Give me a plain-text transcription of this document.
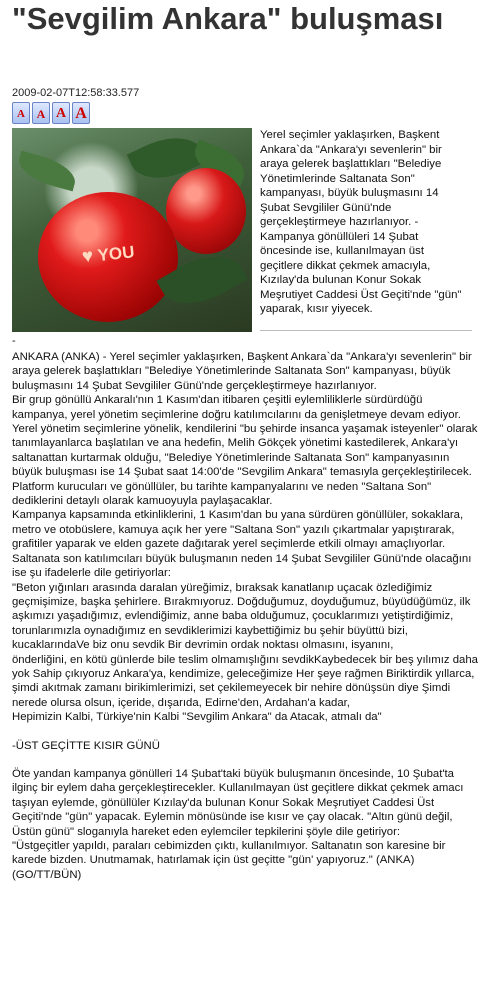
"Sevgilim Ankara" buluşması
2009-02-07T12:58:33.577
A A A A
♥ YOU
Yerel seçimler yaklaşırken, Başkent Ankara`da "Ankara'yı sevenlerin" bir araya gelerek başlattıkları "Belediye Yönetimlerinde Saltanata Son" kampanyası, büyük buluşmasını 14 Şubat Sevgililer Günü'nde gerçekleştirmeye hazırlanıyor. - Kampanya gönüllüleri 14 Şubat öncesinde ise, kullanılmayan üst geçitlere dikkat çekmek amacıyla, Kızılay'da bulunan Konur Sokak Meşrutiyet Caddesi Üst Geçiti'nde "gün" yaparak, kısır yiyecek.
-

ANKARA (ANKA) - Yerel seçimler yaklaşırken, Başkent Ankara`da "Ankara'yı sevenlerin" bir araya gelerek başlattıkları "Belediye Yönetimlerinde Saltanata Son" kampanyası, büyük buluşmasını 14 Şubat Sevgililer Günü'nde gerçekleştirmeye hazırlanıyor.

Bir grup gönüllü Ankaralı'nın 1 Kasım'dan itibaren çeşitli eylemliliklerle sürdürdüğü kampanya, yerel yönetim seçimlerine doğru katılımcılarını da genişletmeye devam ediyor. Yerel yönetim seçimlerine yönelik, kendilerini "bu şehirde insanca yaşamak isteyenler" olarak tanımlayanlarca başlatılan ve ana hedefin, Melih Gökçek yönetimi kastedilerek, Ankara'yı saltanattan kurtarmak olduğu, "Belediye Yönetimlerinde Saltanata Son" kampanyasının büyük buluşması ise 14 Şubat saat 14:00'de "Sevgilim Ankara" temasıyla gerçekleştirilecek. Platform kurucuları ve gönüllüler, bu tarihte kampanyalarını ve neden "Saltana Son" dediklerini detaylı olarak kamuoyuyla paylaşacaklar.

Kampanya kapsamında etkinliklerini, 1 Kasım'dan bu yana sürdüren gönüllüler, sokaklara, metro ve otobüslere, kamuya açık her yere "Saltana Son" yazılı çıkartmalar yapıştırarak, grafitiler yaparak ve elden gazete dağıtarak yerel seçimlerde etkili olmayı amaçlıyorlar.

Saltanata son katılımcıları büyük buluşmanın neden 14 Şubat Sevgililer Günü'nde olacağını ise şu ifadelerle dile getiriyorlar:

"Beton yığınları arasında daralan yüreğimiz, bıraksak kanatlanıp uçacak özlediğimiz geçmişimize, başka şehirlere. Bırakmıyoruz. Doğduğumuz, doyduğumuz, büyüdüğümüz, ilk aşkımızı yaşadığımız, evlendiğimiz, anne baba olduğumuz, çocuklarımızı yetiştirdiğimiz, torunlarımızla oynadığımız en sevdiklerimizi kaybettiğimiz bu şehir büyüttü bizi, kucaklarındaVe biz onu sevdik Bir devrimin ordak noktası olmasını, isyanını,

önderliğini, en kötü günlerde bile teslim olmamışlığını sevdikKaybedecek bir beş yılımız daha yok Sahip çıkıyoruz Ankara'ya, kendimize, geleceğimize Her şeye rağmen Biriktirdik yıllarca, şimdi akıtmak zamanı birikimlerimizi, set çekilemeyecek bir nehire dönüşsün diye Şimdi nerede olursa olsun, içeride, dışarıda, Edirne'den, Ardahan'a kadar,

Hepimizin Kalbi, Türkiye'nin Kalbi "Sevgilim Ankara" da Atacak, atmalı da"

-ÜST GEÇİTTE KISIR GÜNÜ

Öte yandan kampanya gönülleri 14 Şubat'taki büyük buluşmanın öncesinde, 10 Şubat'ta ilginç bir eylem daha gerçekleştirecekler. Kullanılmayan üst geçitlere dikkat çekmek amacı taşıyan eylemde, gönüllüler Kızılay'da bulunan Konur Sokak Meşrutiyet Caddesi Üst Geçiti'nde "gün" yapacak. Eylemin mönüsünde ise kısır ve çay olacak. "Altın günü değil, Üstün günü" sloganıyla hareket eden eylemciler tepkilerini şöyle dile getiriyor:

"Üstgeçitler yapıldı, paraları cebimizden çıktı, kullanılmıyor. Saltanatın son karesine bir karede bizden. Unutmamak, hatırlamak için üst geçitte "gün' yapıyoruz." (ANKA) (GO/TT/BÜN)
